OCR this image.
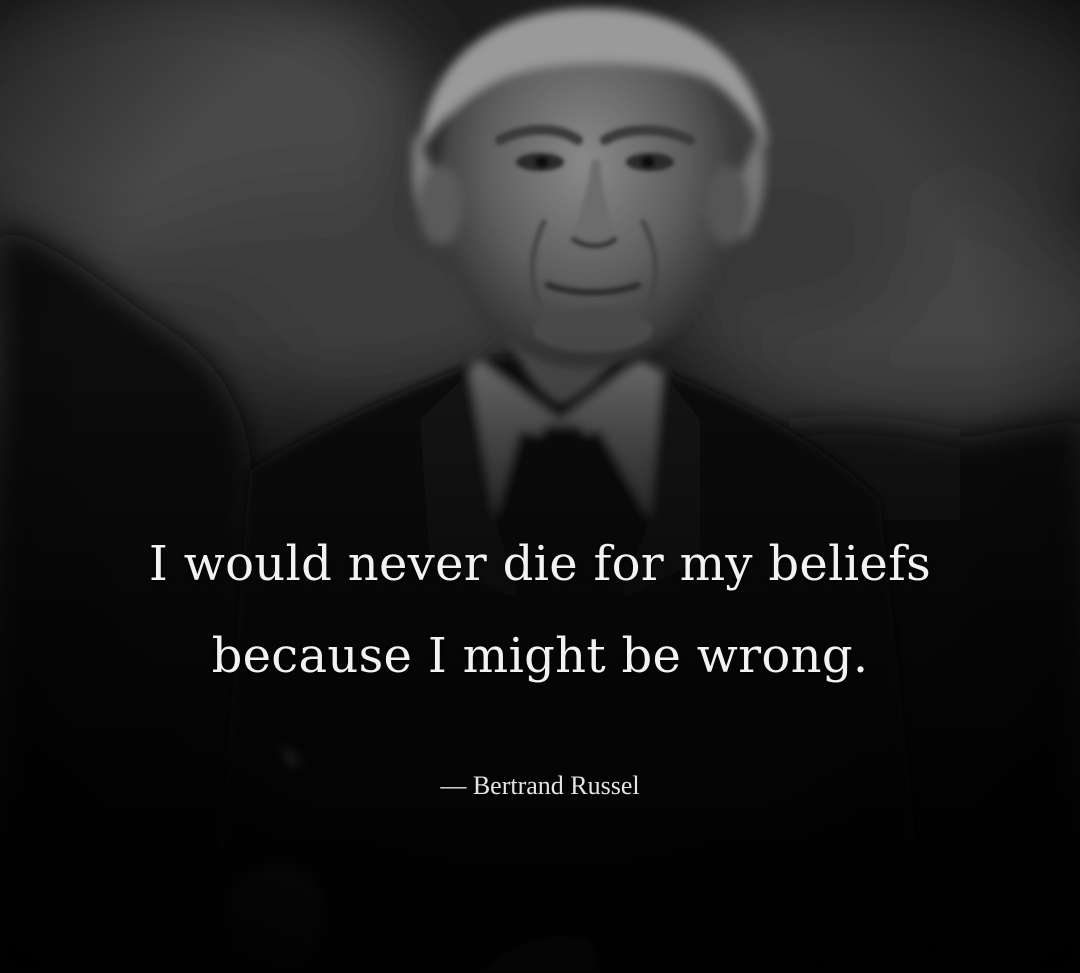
I would never die for my beliefs
because I might be wrong.
— Bertrand Russel
